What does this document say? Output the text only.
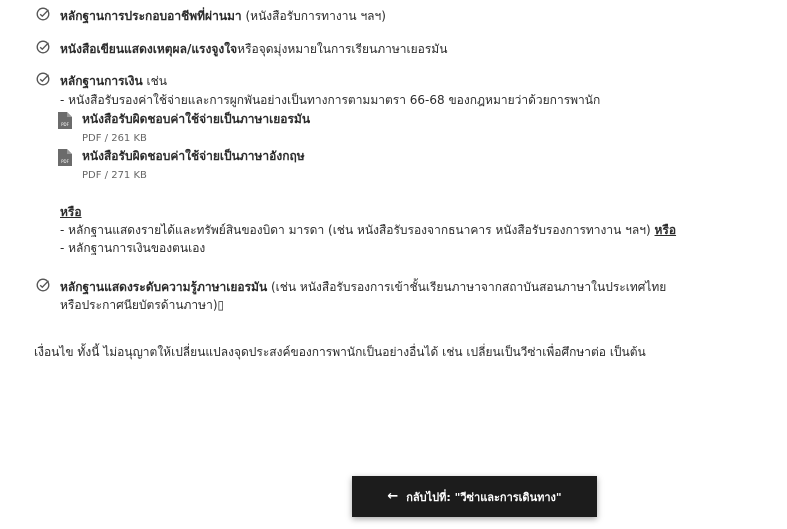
หลักฐานการประกอบอาชีพที่ผ่านมา (หนังสือรับการทางาน ฯลฯ)
หนังสือเขียนแสดงเหตุผล/แรงจูงใจหรือจุดมุ่งหมายในการเรียนภาษาเยอรมัน
หลักฐานการเงิน เช่น
- หนังสือรับรองค่าใช้จ่ายและการผูกพันอย่างเป็นทางการตามมาตรา 66-68 ของกฎหมายว่าด้วยการพานัก
PDF หนังสือรับผิดชอบค่าใช้จ่ายเป็นภาษาเยอรมัน
PDF / 261 KB
PDF หนังสือรับผิดชอบค่าใช้จ่ายเป็นภาษาอังกฤษ
PDF / 271 KB
หรือ
- หลักฐานแสดงรายได้และทรัพย์สินของบิดา มารดา (เช่น หนังสือรับรองจากธนาคาร หนังสือรับรองการทางาน ฯลฯ) หรือ
- หลักฐานการเงินของตนเอง
หลักฐานแสดงระดับความรู้ภาษาเยอรมัน (เช่น หนังสือรับรองการเข้าชั้นเรียนภาษาจากสถาบันสอนภาษาในประเทศไทย
หรือประกาศนียบัตรด้านภาษา)▯
เงื่อนไข ทั้งนี้ ไม่อนุญาตให้เปลี่ยนแปลงจุดประสงค์ของการพานักเป็นอย่างอื่นได้ เช่น เปลี่ยนเป็นวีซ่าเพื่อศึกษาต่อ เป็นต้น
← กลับไปที่: "วีซ่าและการเดินทาง"
